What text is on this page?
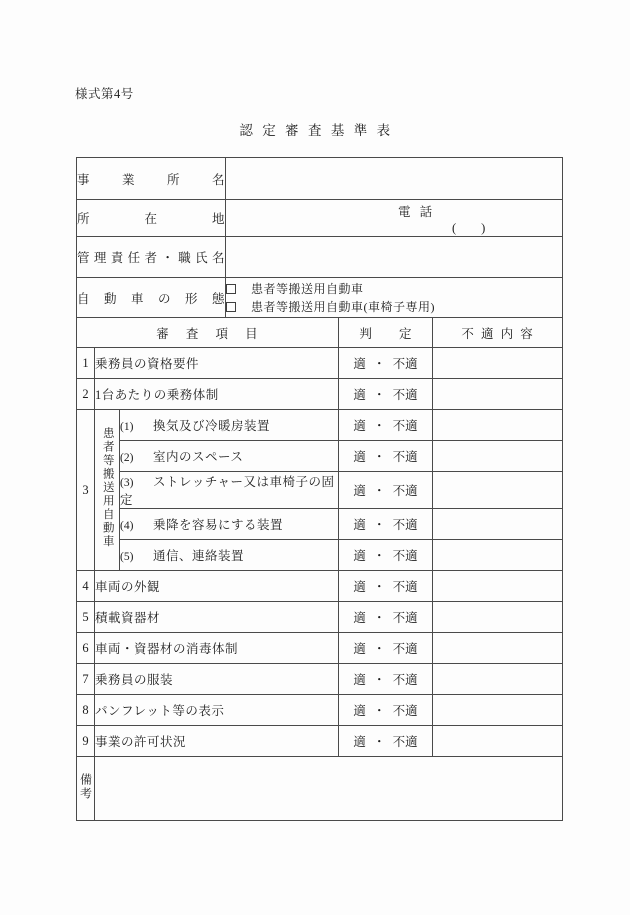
様式第4号
認 定 審 査 基 準 表
事 業 所 名					
所 在 地			電 話
(　　)		

管 理 責 任 者 ・ 職 氏 名					
自 動 車 の 形 態			患者等搬送用自動車
患者等搬送用自動車(車椅子専用)		

審 査 項 目				判 定	不 適 内 容
1	乗務員の資格要件			適 ・ 不適	
2	1台あたりの乗務体制			適 ・ 不適	
3	患者等搬送用自動車	(1) 換気及び冷暖房装置		適 ・ 不適	
		(2) 室内のスペース		適 ・ 不適	
		(3) ストレッチャー又は車椅子の固定		適 ・ 不適	
		(4) 乗降を容易にする装置		適 ・ 不適	
		(5) 通信、連絡装置		適 ・ 不適	
4	車両の外観			適 ・ 不適	
5	積載資器材			適 ・ 不適	
6	車両・資器材の消毒体制			適 ・ 不適	
7	乗務員の服装			適 ・ 不適	
8	パンフレット等の表示			適 ・ 不適	
9	事業の許可状況			適 ・ 不適	
備考					
